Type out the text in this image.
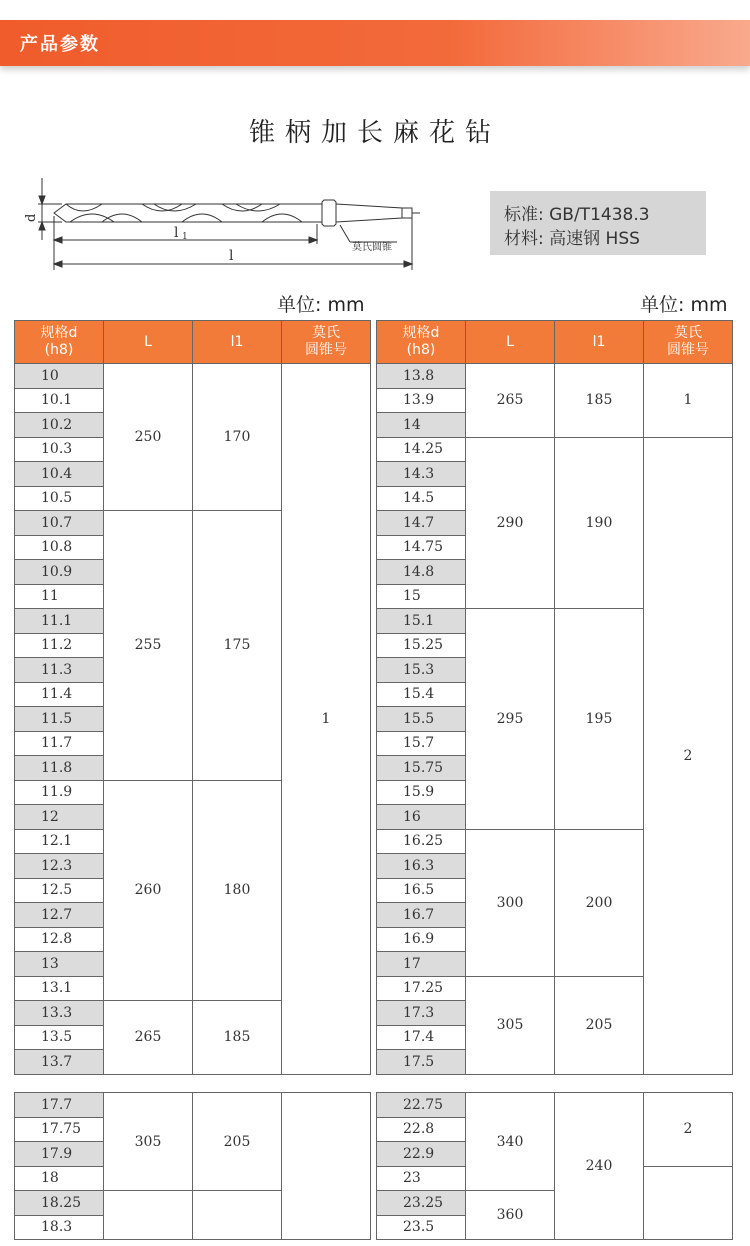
产品参数
锥柄加长麻花钻
d
l 1
l
莫氏圆锥
标准: GB/T1438.3
材料: 高速钢 HSS
单位: mm	单位: mm
规格d
(h8)	L	l1	莫氏
圆锥号
10	250	170	1
10.1			
10.2			
10.3			
10.4			
10.5			
10.7	255	175	
10.8			
10.9			
11			
11.1			
11.2			
11.3			
11.4			
11.5			
11.7			
11.8			
11.9	260	180	
12			
12.1			
12.3			
12.5			
12.7			
12.8			
13			
13.1			
13.3	265	185	
13.5			
13.7			
规格d
(h8)	L	l1	莫氏
圆锥号
13.8	265	185	1
13.9			
14			
14.25	290	190	2
14.3			
14.5			
14.7			
14.75			
14.8			
15			
15.1	295	195	
15.25			
15.3			
15.4			
15.5			
15.7			
15.75			
15.9			
16			
16.25	300	200	
16.3			
16.5			
16.7			
16.9			
17			
17.25	305	205	
17.3			
17.4			
17.5			
17.7	305	205	
17.75			
17.9			
18			
18.25			
18.3			
22.75	340	240	2
22.8			
22.9			
23			
23.25	360		
23.5			
